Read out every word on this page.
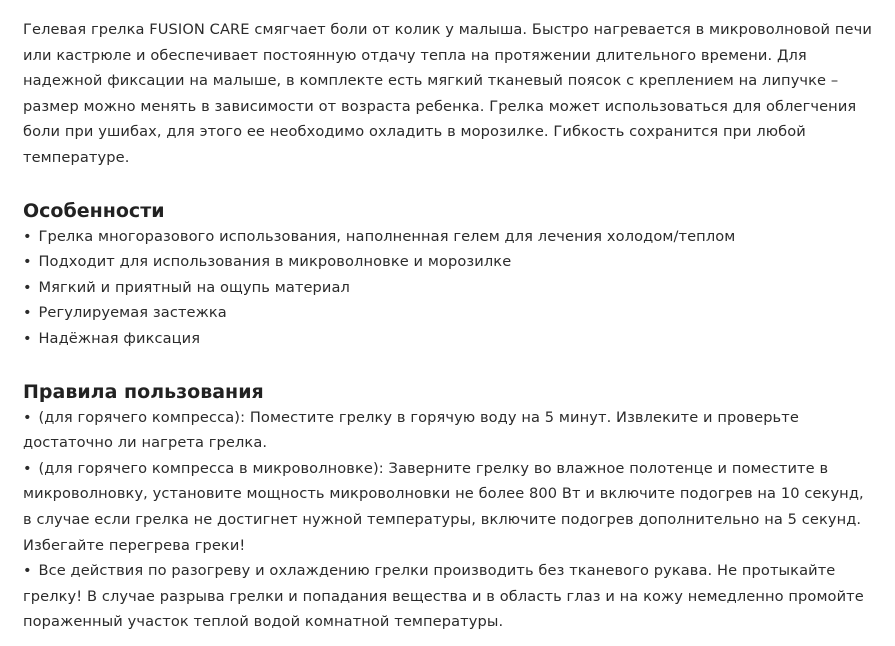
Гелевая грелка FUSION CARE смягчает боли от колик у малыша. Быстро нагревается в микроволновой печи или кастрюле и обеспечивает постоянную отдачу тепла на протяжении длительного времени. Для надежной фиксации на малыше, в комплекте есть мягкий тканевый поясок с креплением на липучке – размер можно менять в зависимости от возраста ребенка. Грелка может использоваться для облегчения боли при ушибах, для этого ее необходимо охладить в морозилке. Гибкость сохранится при любой температуре.

Особенности
• Грелка многоразового использования, наполненная гелем для лечения холодом/теплом
• Подходит для использования в микроволновке и морозилке
• Мягкий и приятный на ощупь материал
• Регулируемая застежка
• Надёжная фиксация
Правила пользования
• (для горячего компресса): Поместите грелку в горячую воду на 5 минут. Извлеките и проверьте достаточно ли нагрета грелка.
• (для горячего компресса в микроволновке): Заверните грелку во влажное полотенце и поместите в микроволновку, установите мощность микроволновки не более 800 Вт и включите подогрев на 10 секунд, в случае если грелка не достигнет нужной температуры, включите подогрев дополнительно на 5 секунд. Избегайте перегрева греки!
• Все действия по разогреву и охлаждению грелки производить без тканевого рукава. Не протыкайте грелку! В случае разрыва грелки и попадания вещества и в область глаз и на кожу немедленно промойте пораженный участок теплой водой комнатной температуры.
